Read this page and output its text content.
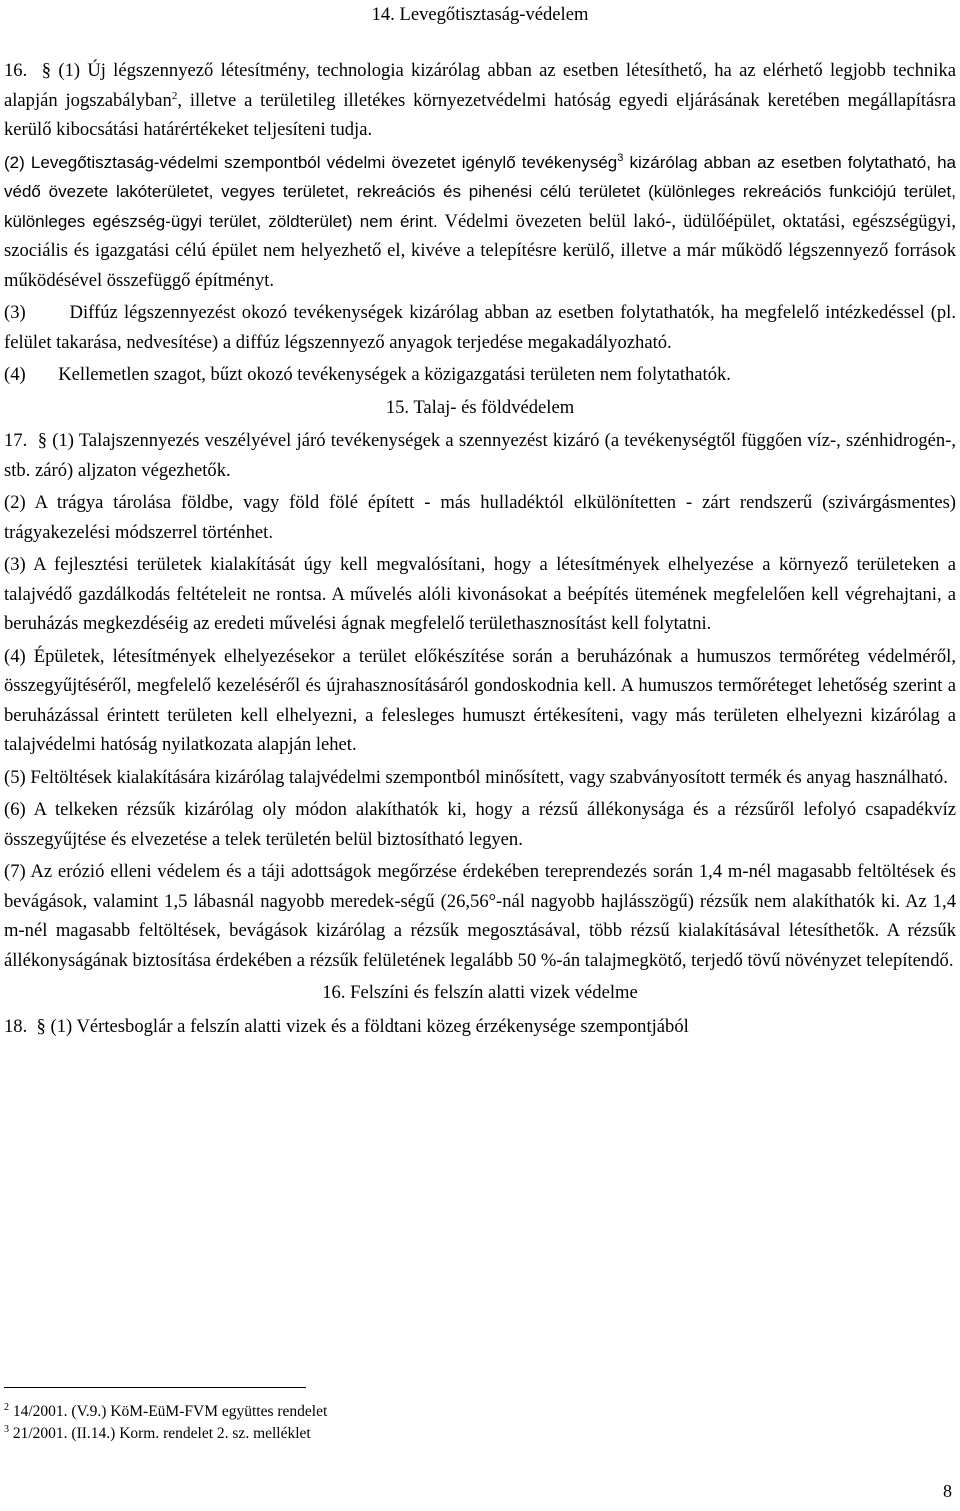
14. Levegőtisztaság-védelem

16. § (1) Új légszennyező létesítmény, technologia kizárólag abban az esetben létesíthető, ha az elérhető legjobb technika alapján jogszabályban$^2$, illetve a területileg illetékes környezetvédelmi hatóság egyedi eljárásának keretében megállapításra kerülő kibocsátási határértékeket teljesíteni tudja.

(2) Levegőtisztaság-védelmi szempontból védelmi övezetet igénylő tevékenység$^3$ kizárólag abban az esetben folytatható, ha védő övezete lakóterületet, vegyes területet, rekreációs és pihenési célú területet (különleges rekreációs funkciójú terület, különleges egészség-ügyi terület, zöldterület) nem érint. Védelmi övezeten belül lakó-, üdülőépület, oktatási, egészségügyi, szociális és igazgatási célú épület nem helyezhető el, kivéve a telepítésre kerülő, illetve a már működő légszennyező források működésével összefüggő építményt.

(3)       Diffúz légszennyezést okozó tevékenységek kizárólag abban az esetben folytathatók, ha megfelelő intézkedéssel (pl. felület takarása, nedvesítése) a diffúz légszennyező anyagok terjedése megakadályozható.

(4)       Kellemetlen szagot, bűzt okozó tevékenységek a közigazgatási területen nem folytathatók.

15. Talaj- és földvédelem

17. § (1) Talajszennyezés veszélyével járó tevékenységek a szennyezést kizáró (a tevékenységtől függően víz-, szénhidrogén-, stb. záró) aljzaton végezhetők.

(2) A trágya tárolása földbe, vagy föld fölé épített - más hulladéktól elkülönítetten - zárt rendszerű (szivárgásmentes) trágyakezelési módszerrel történhet.

(3) A fejlesztési területek kialakítását úgy kell megvalósítani, hogy a létesítmények elhelyezése a környező területeken a talajvédő gazdálkodás feltételeit ne rontsa. A művelés alóli kivonásokat a beépítés ütemének megfelelően kell végrehajtani, a beruházás megkezdéséig az eredeti művelési ágnak megfelelő területhasznosítást kell folytatni.

(4) Épületek, létesítmények elhelyezésekor a terület előkészítése során a beruházónak a humuszos termőréteg védelméről, összegyűjtéséről, megfelelő kezeléséről és újrahasznosításáról gondoskodnia kell. A humuszos termőréteget lehetőség szerint a beruházással érintett területen kell elhelyezni, a felesleges humuszt értékesíteni, vagy más területen elhelyezni kizárólag a talajvédelmi hatóság nyilatkozata alapján lehet.

(5) Feltöltések kialakítására kizárólag talajvédelmi szempontból minősített, vagy szabványosított termék és anyag használható.

(6) A telkeken rézsűk kizárólag oly módon alakíthatók ki, hogy a rézsű állékonysága és a rézsűről lefolyó csapadékvíz összegyűjtése és elvezetése a telek területén belül biztosítható legyen.

(7) Az erózió elleni védelem és a táji adottságok megőrzése érdekében tereprendezés során 1,4 m-nél magasabb feltöltések és bevágások, valamint 1,5 lábasnál nagyobb meredek-ségű (26,56°-nál nagyobb hajlásszögű) rézsűk nem alakíthatók ki. Az 1,4 m-nél magasabb feltöltések, bevágások kizárólag a rézsűk megosztásával, több rézsű kialakításával létesíthetők. A rézsűk állékonyságának biztosítása érdekében a rézsűk felületének legalább 50 %-án talajmegkötő, terjedő tövű növényzet telepítendő.

16. Felszíni és felszín alatti vizek védelme

18. § (1) Vértesboglár a felszín alatti vizek és a földtani közeg érzékenysége szempontjából

$^2$ 14/2001. (V.9.) KöM-EüM-FVM együttes rendelet
$^3$ 21/2001. (II.14.) Korm. rendelet 2. sz. melléklet
8
